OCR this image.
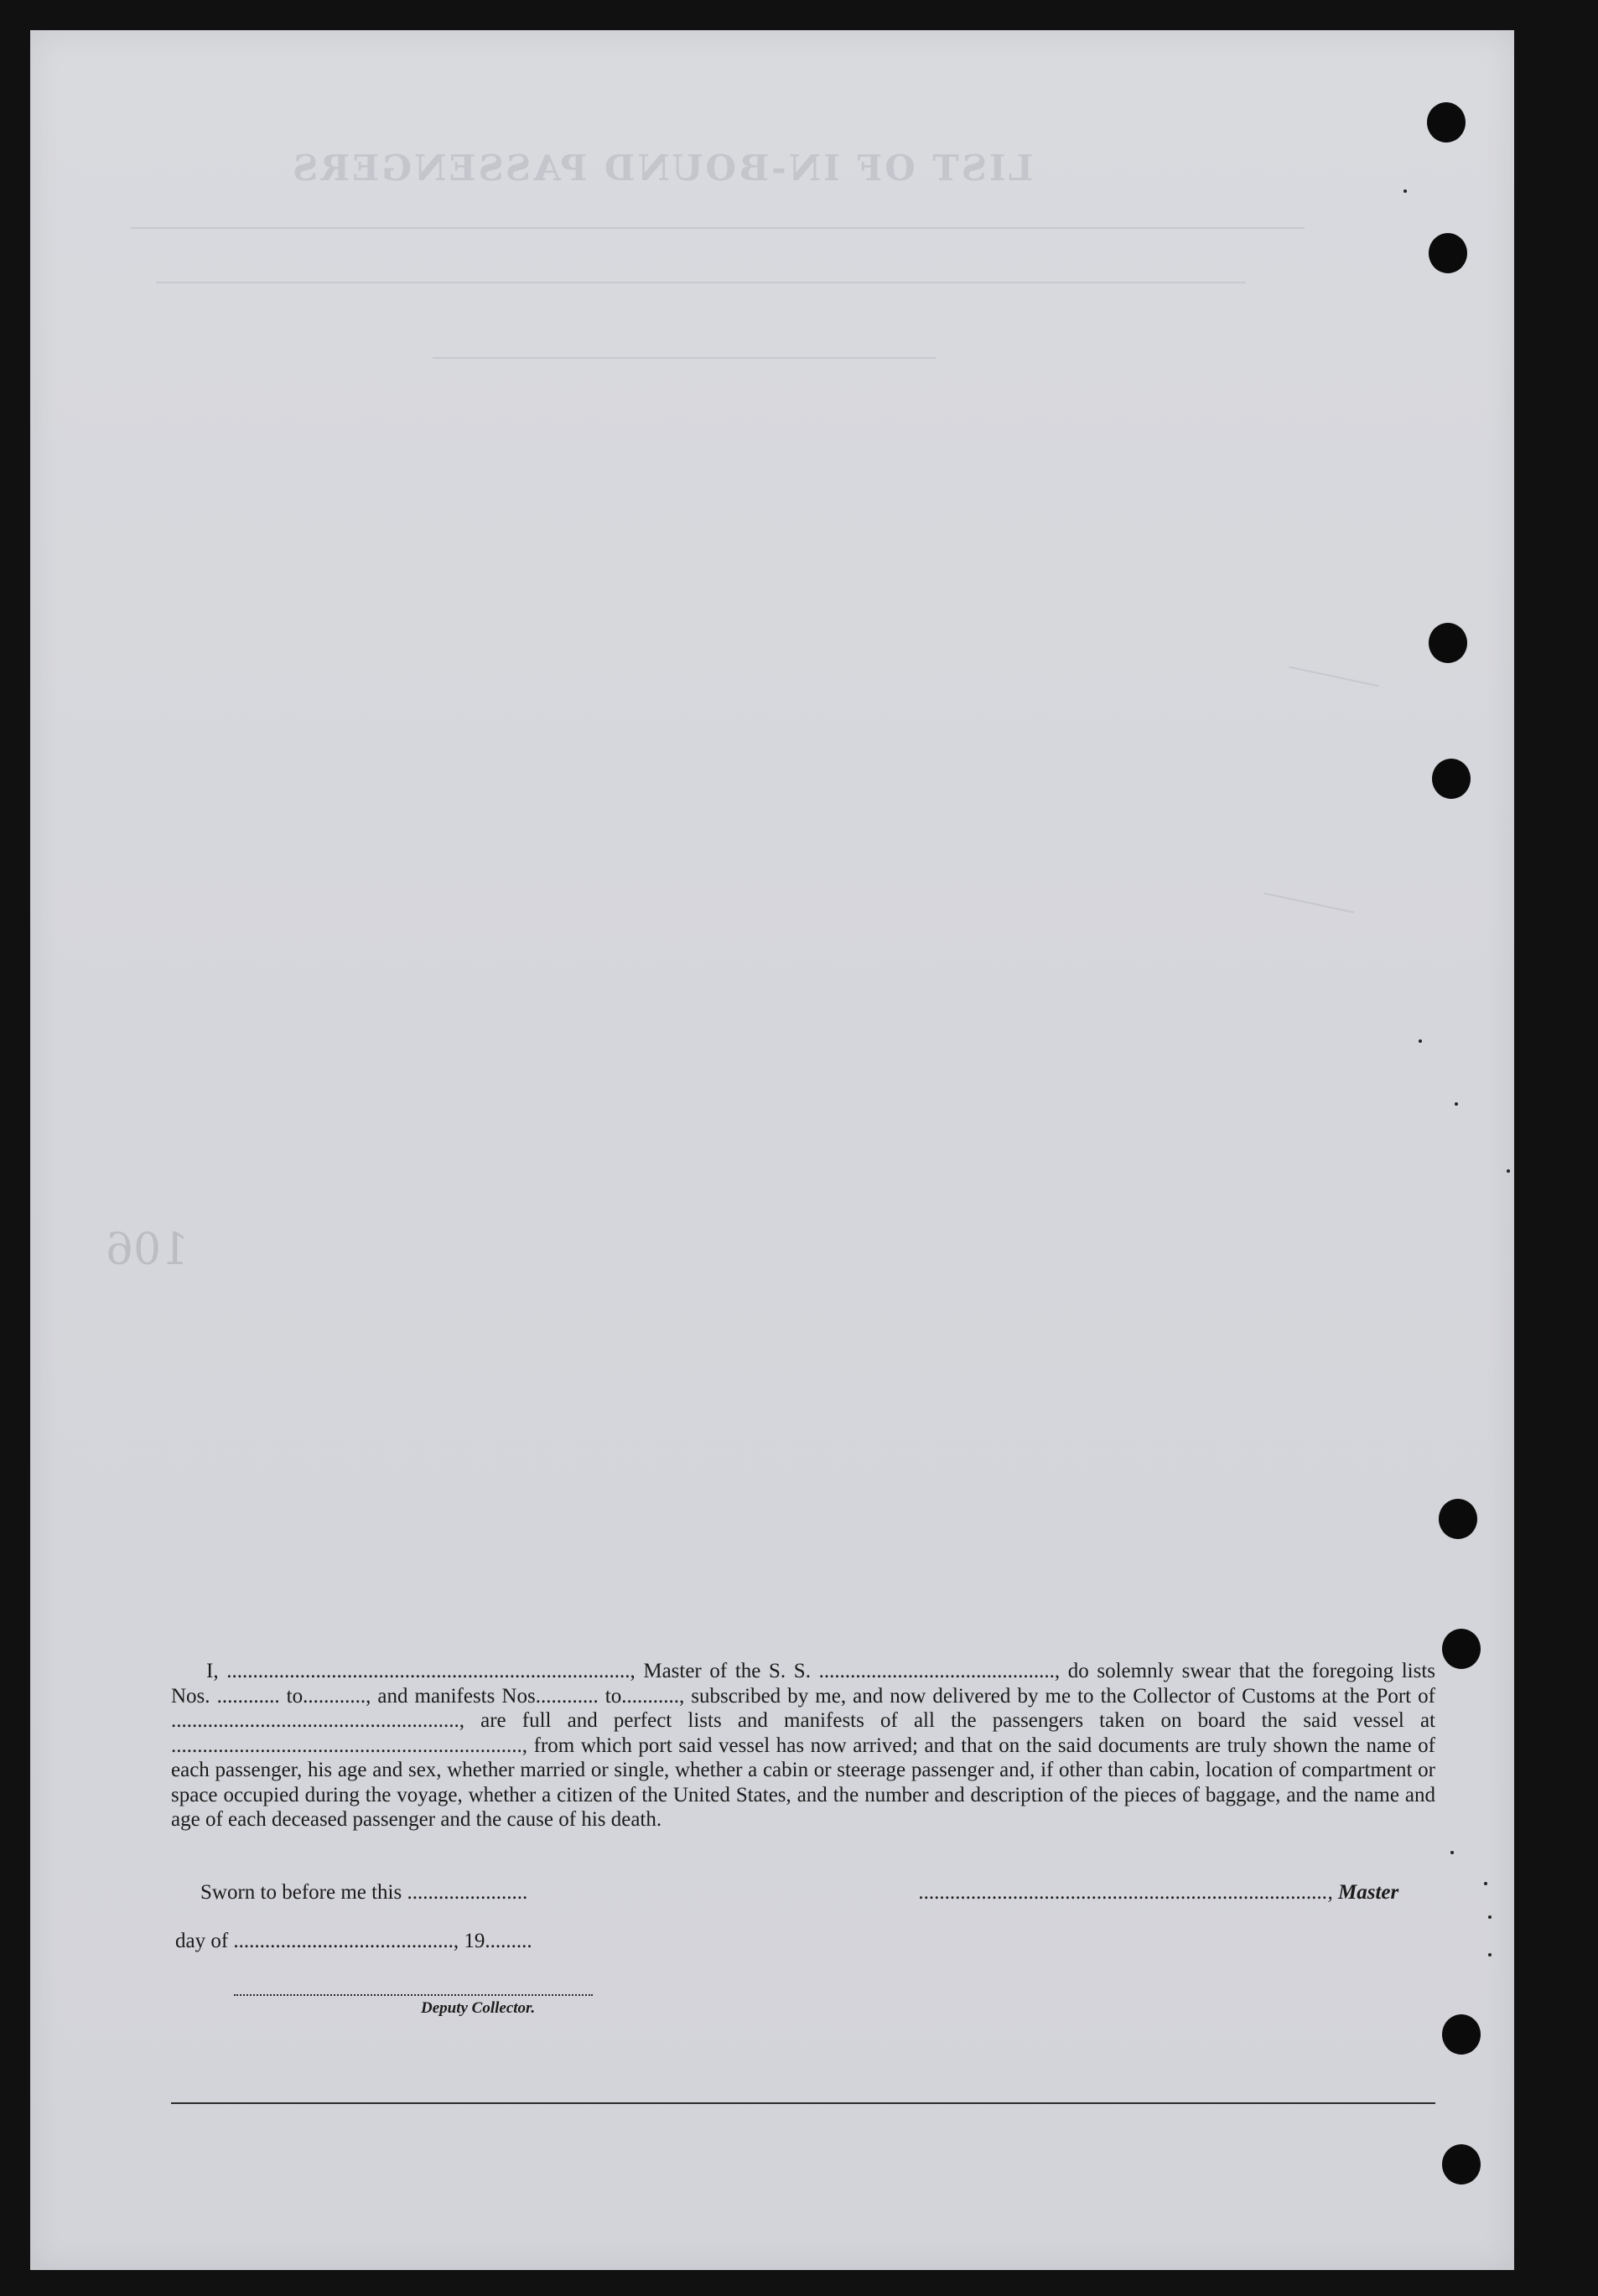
LIST OF IN-BOUND PASSENGERS
106

I, ............................................................................., Master of the S. S. ............................................., do solemnly swear that the foregoing lists Nos. ............ to............, and manifests Nos............ to..........., subscribed by me, and now delivered by me to the Collector of Customs at the Port of ......................................................., are full and perfect lists and manifests of all the passengers taken on board the said vessel at ..................................................................., from which port said vessel has now arrived; and that on the said documents are truly shown the name of each passenger, his age and sex, whether married or single, whether a cabin or steerage passenger and, if other than cabin, location of compartment or space occupied during the voyage, whether a citizen of the United States, and the number and description of the pieces of baggage, and the name and age of each deceased passenger and the cause of his death.

Sworn to before me this .......................	.............................................................................., Master
day of .........................................., 19.........
Deputy Collector.
